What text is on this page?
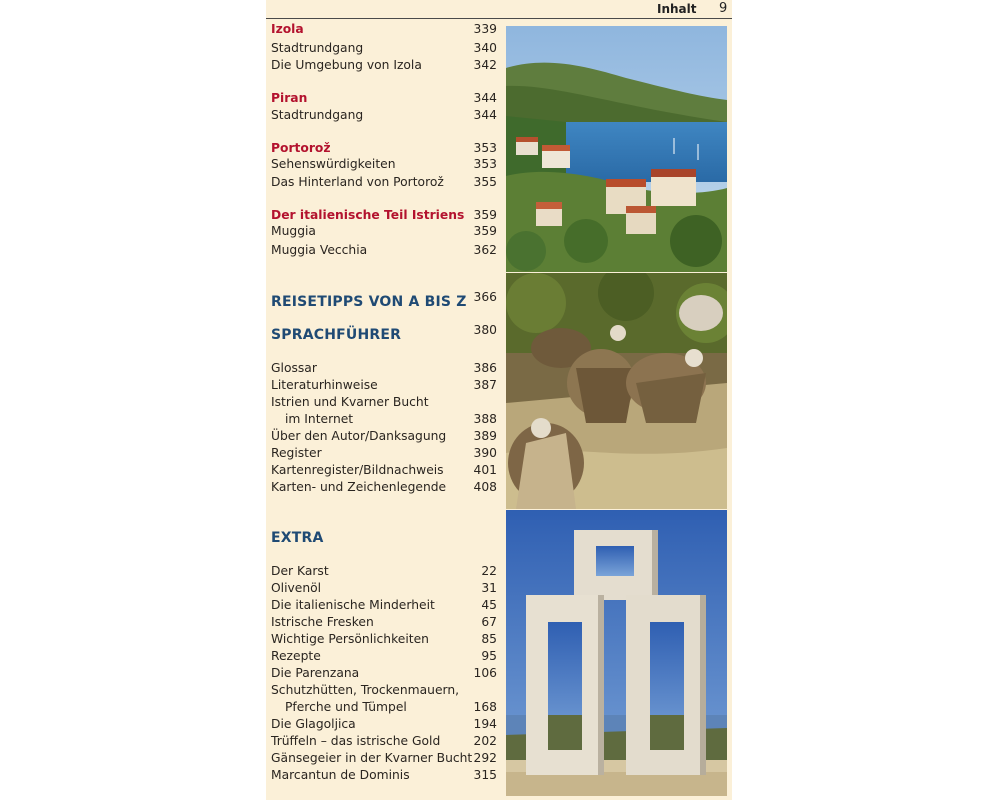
Inhalt 9
Izola	339
Stadtrundgang	340
Die Umgebung von Izola	342
Piran	344
Stadtrundgang	344
Portorož	353
Sehenswürdigkeiten	353
Das Hinterland von Portorož 355
Der italienische Teil Istriens 359
Muggia	359
Muggia Vecchia	362
REISETIPPS VON A BIS Z 366
SPRACHFÜHRER	380
Glossar	386
Literaturhinweise	387
Istrien und Kvarner Bucht
im Internet	388
Über den Autor/Danksagung 389
Register	390
Kartenregister/Bildnachweis 401
Karten- und Zeichenlegende 408
EXTRA
Der Karst	22
Olivenöl	31
Die italienische Minderheit	45
Istrische Fresken	67
Wichtige Persönlichkeiten	85
Rezepte	95
Die Parenzana	106
Schutzhütten, Trockenmauern,
Pferche und Tümpel	168
Die Glagoljica	194
Trüffeln – das istrische Gold	202
Gänsegeier in der Kvarner Bucht 292
Marcantun de Dominis	315
